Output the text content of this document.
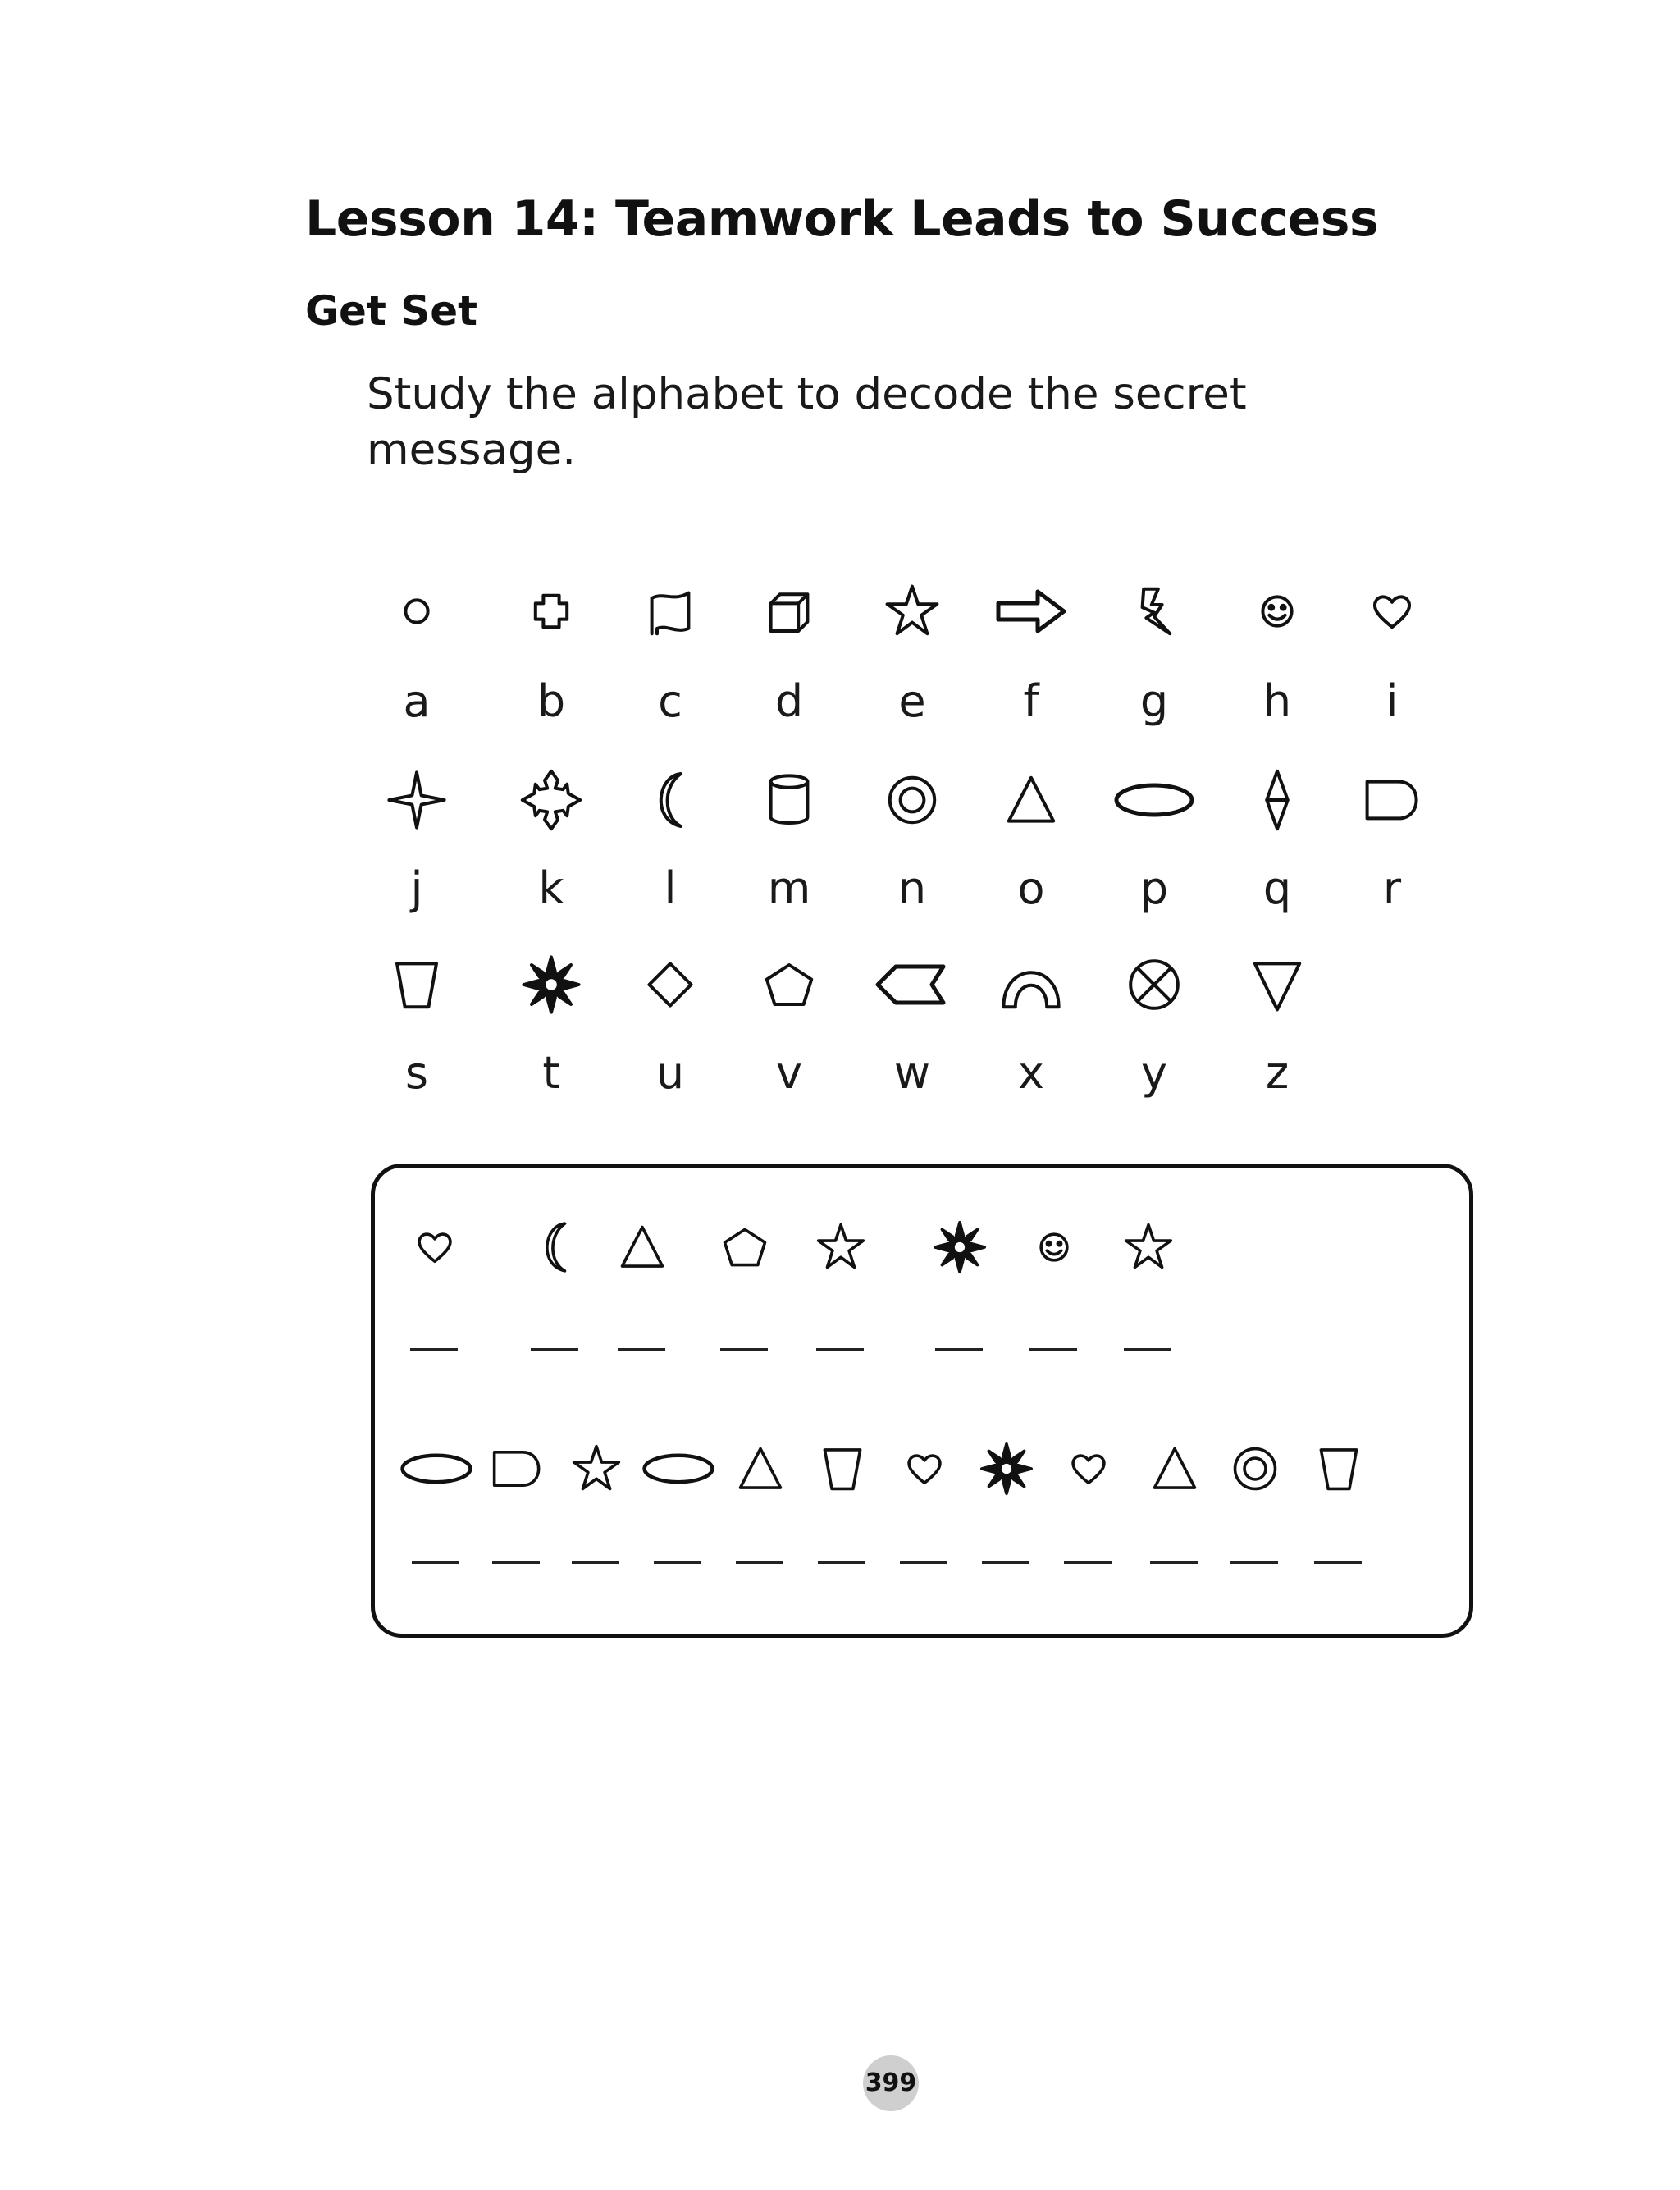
Lesson 14: Teamwork Leads to Success
Get Set

Study the alphabet to decode the secret message.

a	b	c	d	e	f	g	h	i
j	k	l	m	n	o	p	q	r
s	t	u	v	w	x	y	z
399
